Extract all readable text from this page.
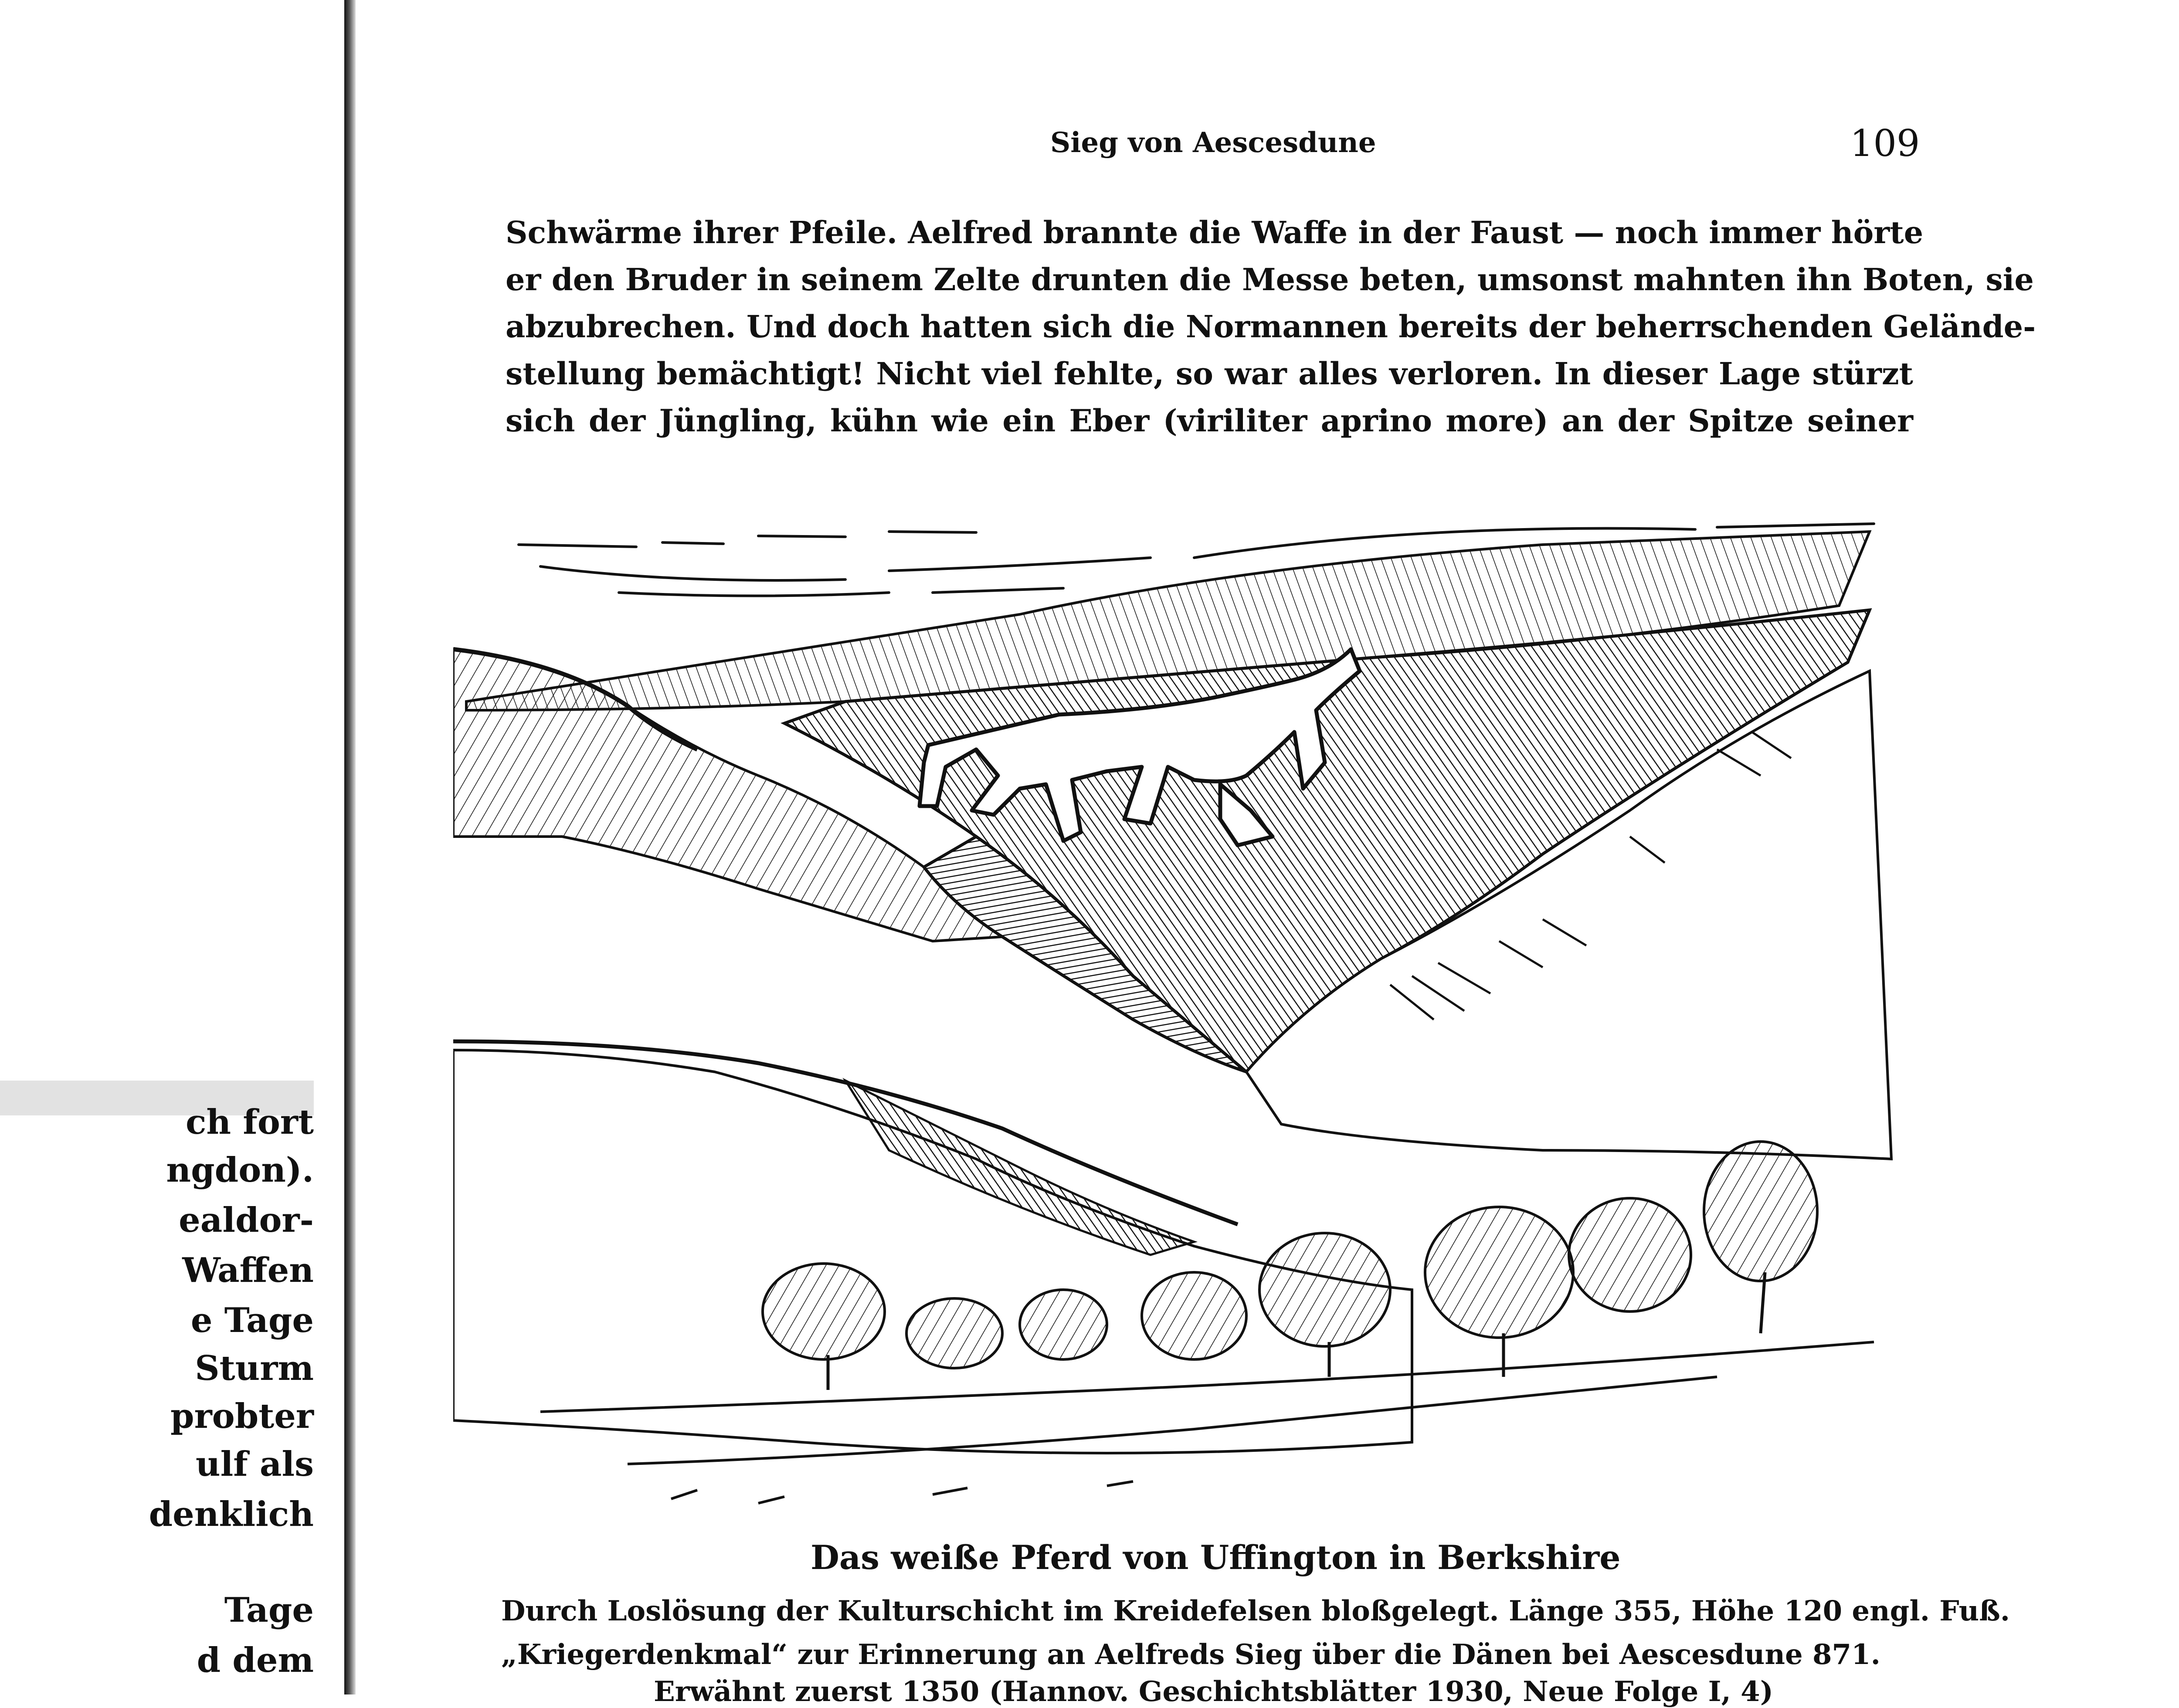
ch fort
ngdon).
ealdor-
Waffen
e Tage
Sturm
probter
ulf als
denklich
Tage
d dem
Sieg von Aescesdune	109
Schwärme ihrer Pfeile. Aelfred brannte die Waffe in der Faust — noch immer hörte
er den Bruder in seinem Zelte drunten die Messe beten, umsonst mahnten ihn Boten, sie
abzubrechen. Und doch hatten sich die Normannen bereits der beherrschenden Gelände-
stellung bemächtigt! Nicht viel fehlte, so war alles verloren. In dieser Lage stürzt
sich der Jüngling, kühn wie ein Eber (viriliter aprino more) an der Spitze seiner
Das weiße Pferd von Uffington in Berkshire
Durch Loslösung der Kulturschicht im Kreidefelsen bloßgelegt. Länge 355, Höhe 120 engl. Fuß.
„Kriegerdenkmal“ zur Erinnerung an Aelfreds Sieg über die Dänen bei Aescesdune 871.
Erwähnt zuerst 1350 (Hannov. Geschichtsblätter 1930, Neue Folge I, 4)
